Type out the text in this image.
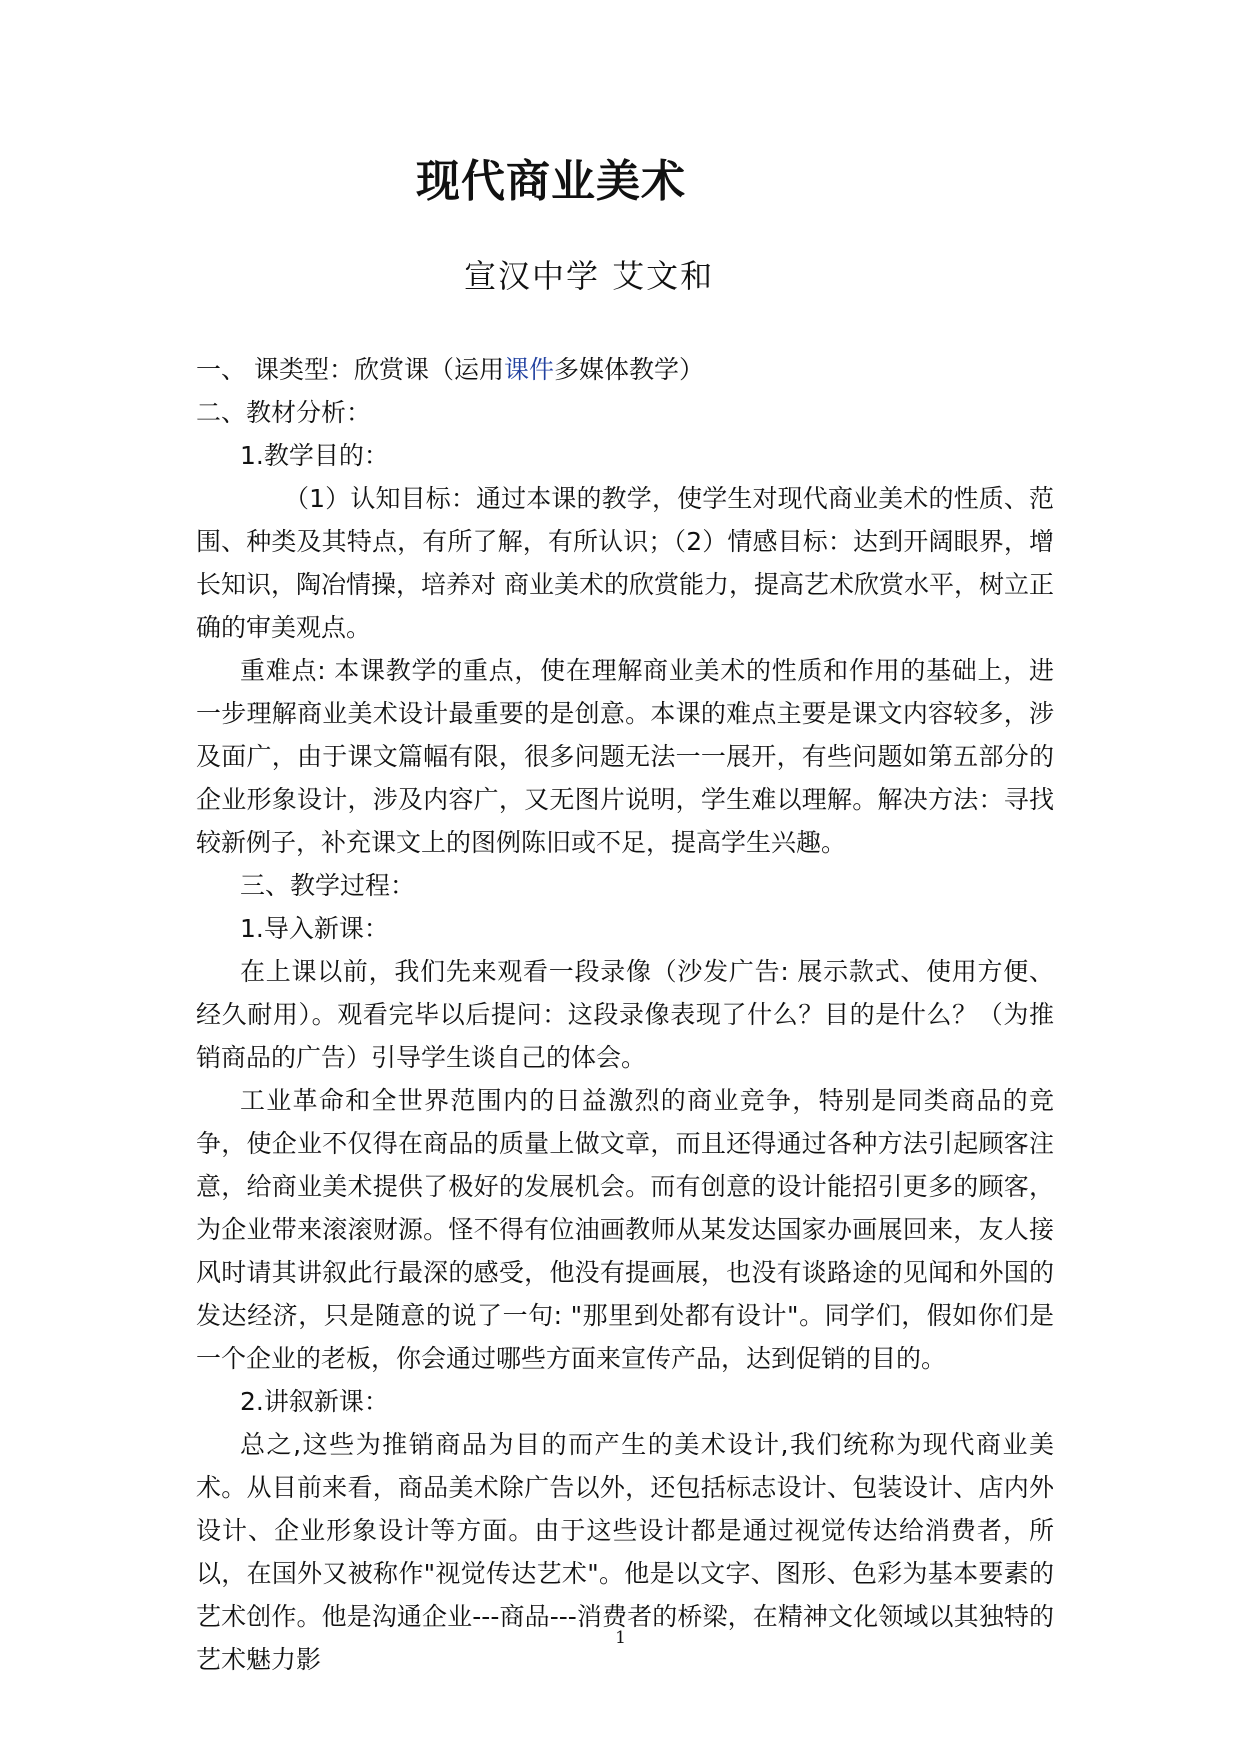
现代商业美术
宣汉中学 艾文和

一、 课类型：欣赏课（运用课件多媒体教学）

二、教材分析：

1.教学目的：

（1）认知目标：通过本课的教学，使学生对现代商业美术的性质、范围、种类及其特点，有所了解，有所认识；（2）情感目标：达到开阔眼界，增长知识，陶冶情操，培养对 商业美术的欣赏能力，提高艺术欣赏水平，树立正确的审美观点。

重难点: 本课教学的重点，使在理解商业美术的性质和作用的基础上，进一步理解商业美术设计最重要的是创意。本课的难点主要是课文内容较多，涉及面广，由于课文篇幅有限，很多问题无法一一展开，有些问题如第五部分的企业形象设计，涉及内容广，又无图片说明，学生难以理解。解决方法：寻找较新例子，补充课文上的图例陈旧或不足，提高学生兴趣。

三、教学过程：

1.导入新课：

在上课以前，我们先来观看一段录像（沙发广告: 展示款式、使用方便、经久耐用）。观看完毕以后提问：这段录像表现了什么？目的是什么？（为推销商品的广告）引导学生谈自己的体会。

工业革命和全世界范围内的日益激烈的商业竞争，特别是同类商品的竞争，使企业不仅得在商品的质量上做文章，而且还得通过各种方法引起顾客注意，给商业美术提供了极好的发展机会。而有创意的设计能招引更多的顾客，为企业带来滚滚财源。怪不得有位油画教师从某发达国家办画展回来，友人接风时请其讲叙此行最深的感受，他没有提画展，也没有谈路途的见闻和外国的发达经济，只是随意的说了一句: "那里到处都有设计"。同学们，假如你们是一个企业的老板，你会通过哪些方面来宣传产品，达到促销的目的。

2.讲叙新课：

总之,这些为推销商品为目的而产生的美术设计,我们统称为现代商业美术。从目前来看，商品美术除广告以外，还包括标志设计、包装设计、店内外设计、企业形象设计等方面。由于这些设计都是通过视觉传达给消费者，所以，在国外又被称作"视觉传达艺术"。他是以文字、图形、色彩为基本要素的艺术创作。他是沟通企业---商品---消费者的桥梁，在精神文化领域以其独特的艺术魅力影

1
